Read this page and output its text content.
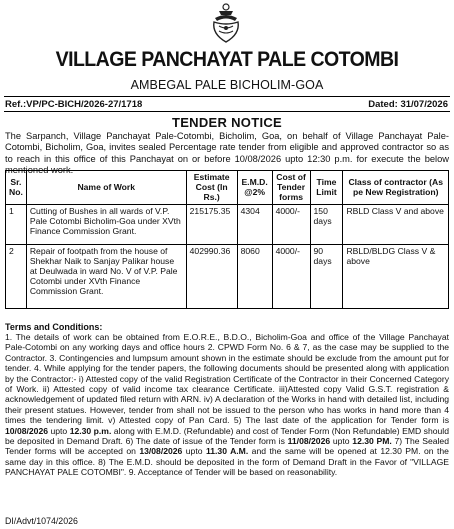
VILLAGE PANCHAYAT PALE COTOMBI
AMBEGAL PALE BICHOLIM-GOA
Ref.:VP/PC-BICH/2026-27/1718	Dated: 31/07/2026
TENDER NOTICE
The Sarpanch, Village Panchayat Pale-Cotombi, Bicholim, Goa, on behalf of Village Panchayat Pale-Cotombi, Bicholim, Goa, invites sealed Percentage rate tender from eligible and approved contractor so as to reach in this office of this Panchayat on or before 10/08/2026 upto 12:30 p.m. for execute the below mentioned work.
Sr. No.	Name of Work	Estimate Cost (In Rs.)	E.M.D. @2%	Cost of Tender forms	Time Limit	Class of contractor (As pe New Registration)
1	Cutting of Bushes in all wards of V.P. Pale Cotombi Bicholim-Goa under XVth Finance Commission Grant.	215175.35	4304	4000/-	150 days	RBLD Class V and above
2	Repair of footpath from the house of Shekhar Naik to Sanjay Palikar house at Deulwada in ward No. V of V.P. Pale Cotombi under XVth Finance Commission Grant.	402990.36	8060	4000/-	90 days	RBLD/BLDG Class V & above
Terms and Conditions:
1. The details of work can be obtained from E.O.R.E., B.D.O., Bicholim-Goa and office of the Village Panchayat Pale-Cotombi on any working days and office hours 2. CPWD Form No. 6 & 7, as the case may be supplied to the Contractor. 3. Contingencies and lumpsum amount shown in the estimate should be exclude from the amount put for tender. 4. While applying for the tender papers, the following documents should be presented along with application by the Contractor:- i) Attested copy of the valid Registration Certificate of the Contractor in their Concerned Category of Work. ii) Attested copy of valid income tax clearance Certificate. iii)Attested copy Valid G.S.T. registration & acknowledgement of updated filed return with ARN. iv) A declaration of the Works in hand with detailed list, including their present statues. However, tender from shall not be issued to the person who has works in hand more than 4 times the tendering limit. v) Attested copy of Pan Card. 5) The last date of the application for Tender form is 10/08/2026 upto 12.30 p.m. along with E.M.D. (Refundable) and cost of Tender Form (Non Refundable) EMD should be deposited in Demand Draft. 6) The date of issue of the Tender form is 11/08/2026 upto 12.30 PM. 7) The Sealed Tender forms will be accepted on 13/08/2026 upto 11.30 A.M. and the same will be opened at 12.30 PM. on the same day in this office. 8) The E.M.D. should be deposited in the form of Demand Draft in the Favor of "VILLAGE PANCHAYAT PALE COTOMBI". 9. Acceptance of Tender will be based on reasonability.
DI/Advt/1074/2026
